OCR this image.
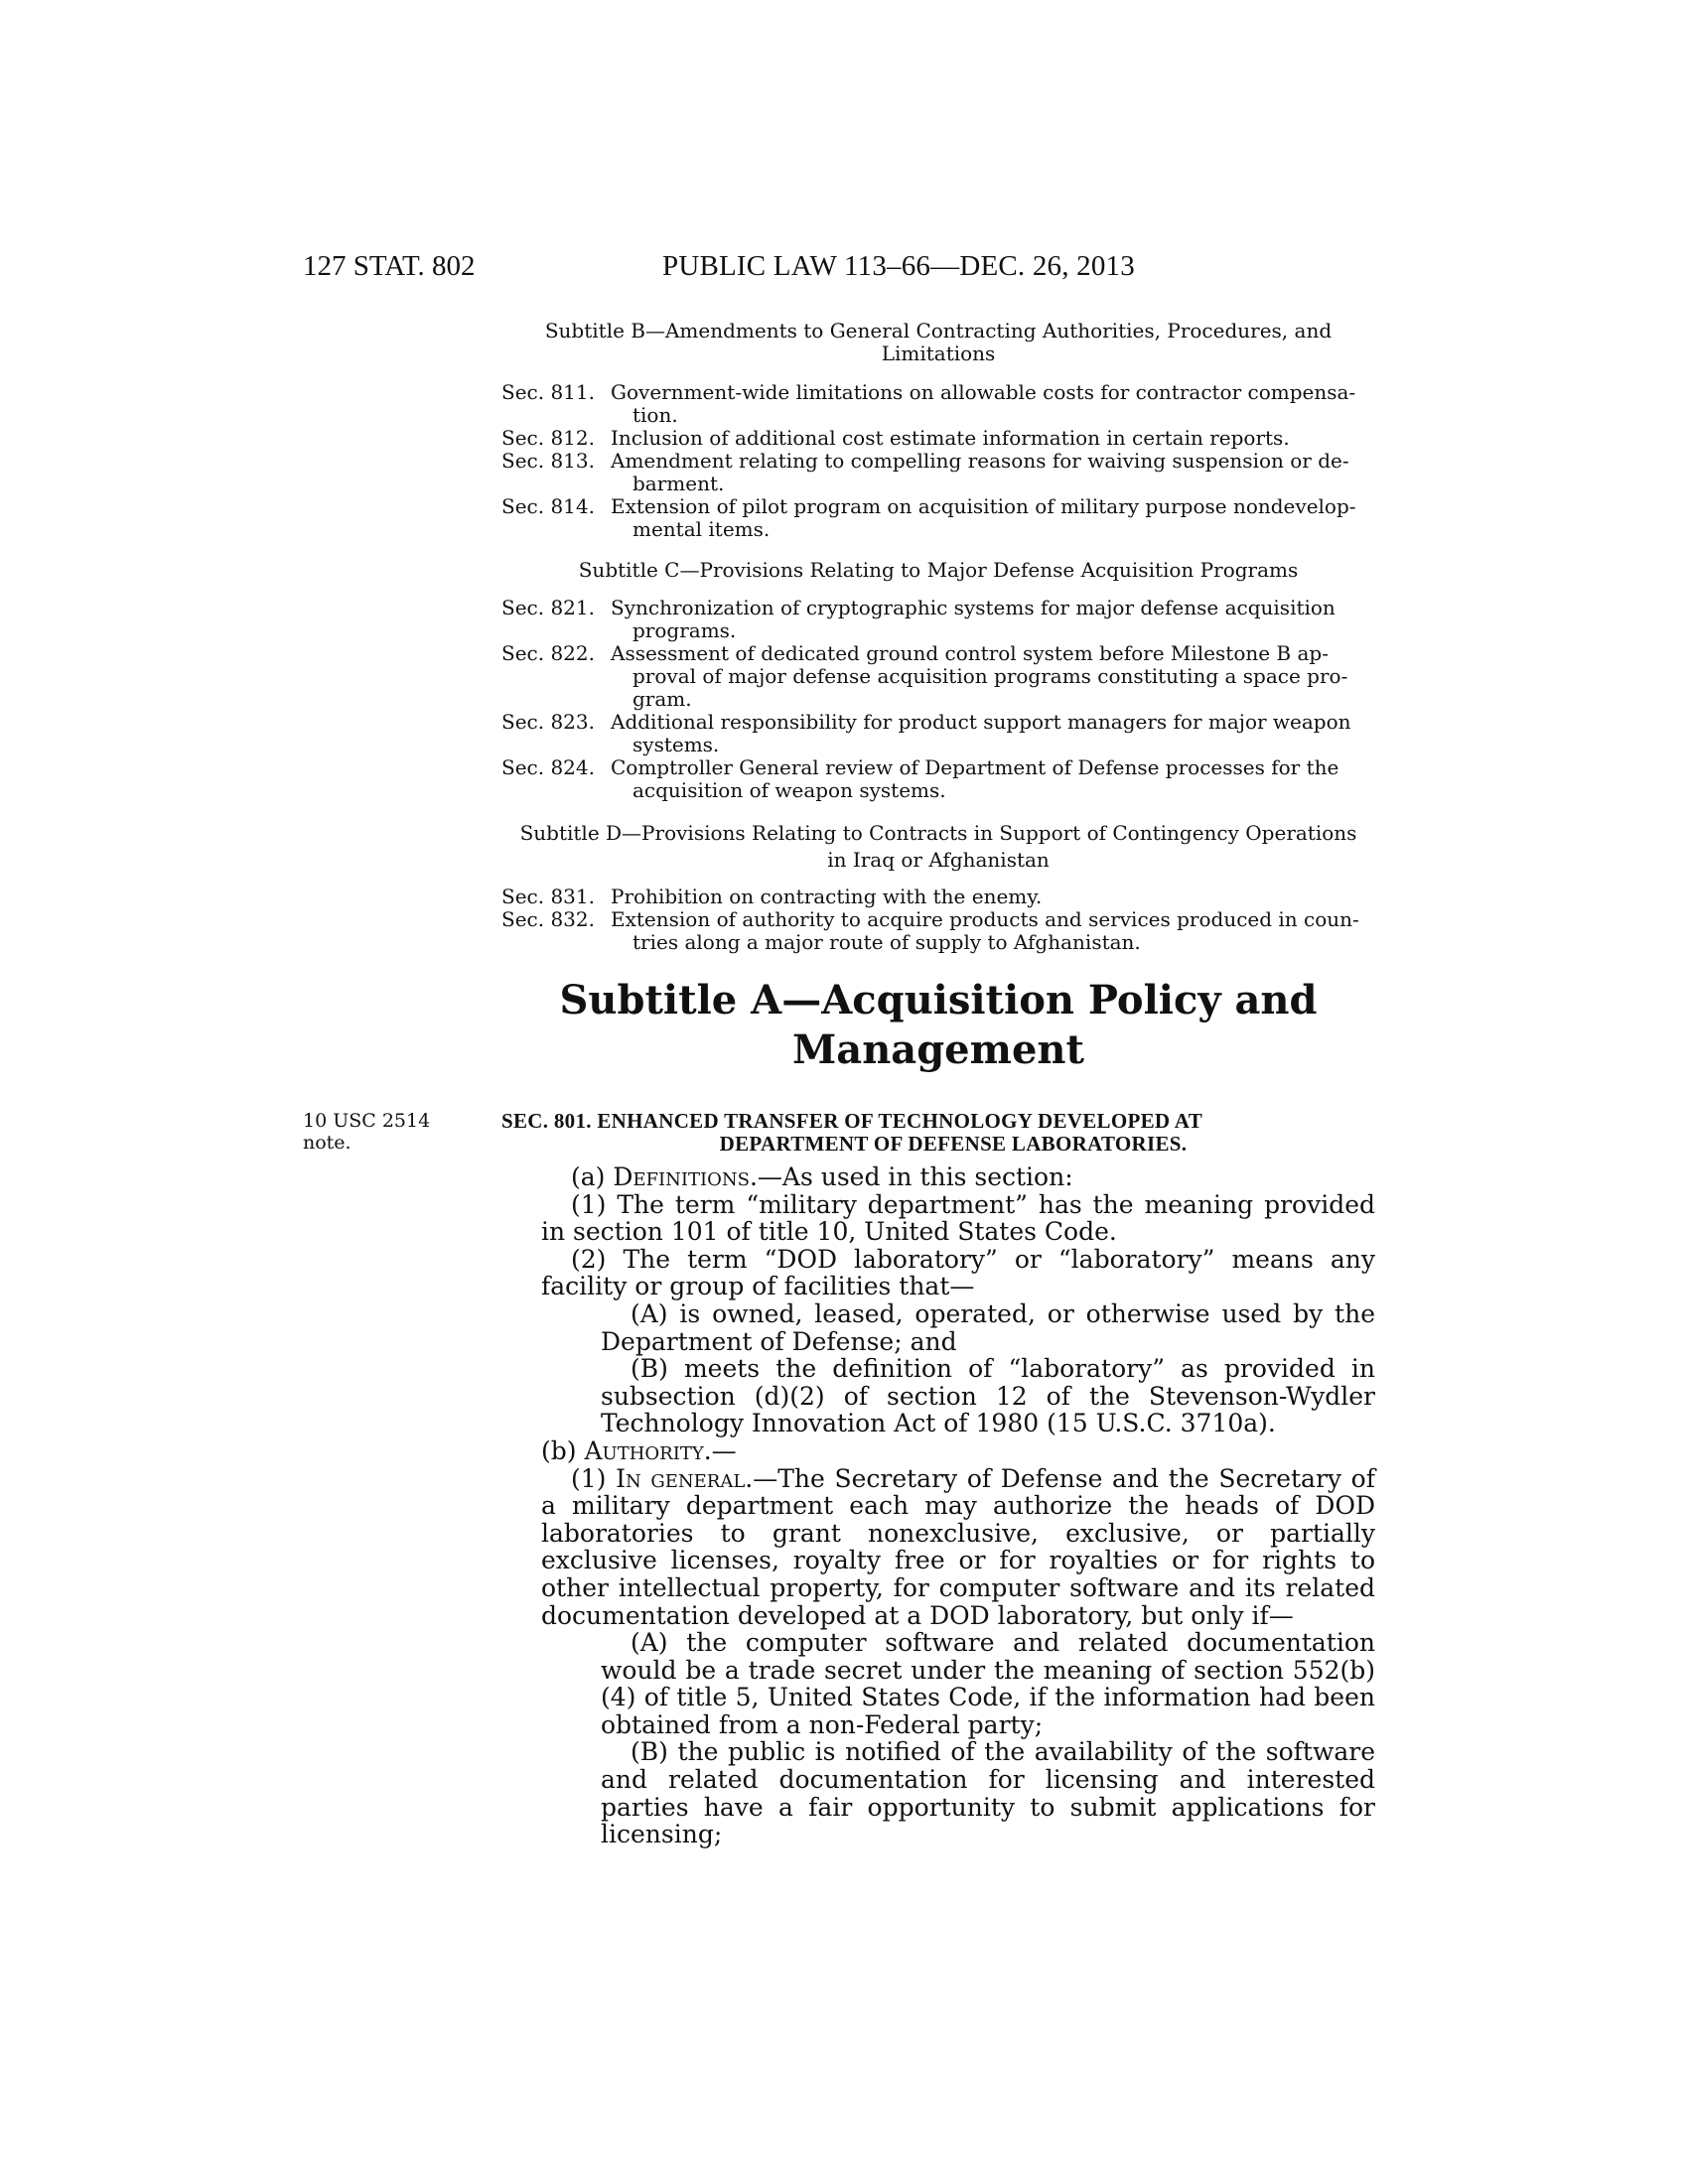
127 STAT. 802	PUBLIC LAW 113–66—DEC. 26, 2013
Subtitle B—Amendments to General Contracting Authorities, Procedures, and
Limitations
Sec. 811. Government-wide limitations on allowable costs for contractor compensa-
tion.
Sec. 812. Inclusion of additional cost estimate information in certain reports.
Sec. 813. Amendment relating to compelling reasons for waiving suspension or de-
barment.
Sec. 814. Extension of pilot program on acquisition of military purpose nondevelop-
mental items.
Subtitle C—Provisions Relating to Major Defense Acquisition Programs
Sec. 821. Synchronization of cryptographic systems for major defense acquisition
programs.
Sec. 822. Assessment of dedicated ground control system before Milestone B ap-
proval of major defense acquisition programs constituting a space pro-
gram.
Sec. 823. Additional responsibility for product support managers for major weapon
systems.
Sec. 824. Comptroller General review of Department of Defense processes for the
acquisition of weapon systems.
Subtitle D—Provisions Relating to Contracts in Support of Contingency Operations
in Iraq or Afghanistan
Sec. 831. Prohibition on contracting with the enemy.
Sec. 832. Extension of authority to acquire products and services produced in coun-
tries along a major route of supply to Afghanistan.
Subtitle A—Acquisition Policy and
Management
10 USC 2514
note.
SEC. 801. ENHANCED TRANSFER OF TECHNOLOGY DEVELOPED AT
DEPARTMENT OF DEFENSE LABORATORIES.

(a) Definitions.—As used in this section:

(1) The term “military department” has the meaning provided in section 101 of title 10, United States Code.

(2) The term “DOD laboratory” or “laboratory” means any facility or group of facilities that—

(A) is owned, leased, operated, or otherwise used by the Department of Defense; and

(B) meets the definition of “laboratory” as provided in subsection (d)(2) of section 12 of the Stevenson-Wydler Technology Innovation Act of 1980 (15 U.S.C. 3710a).

(b) Authority.—

(1) In general.—The Secretary of Defense and the Secretary of a military department each may authorize the heads of DOD laboratories to grant nonexclusive, exclusive, or partially exclusive licenses, royalty free or for royalties or for rights to other intellectual property, for computer software and its related documentation developed at a DOD laboratory, but only if—

(A) the computer software and related documentation would be a trade secret under the meaning of section 552(b)(4) of title 5, United States Code, if the information had been obtained from a non-Federal party;

(B) the public is notified of the availability of the software and related documentation for licensing and interested parties have a fair opportunity to submit applications for licensing;
